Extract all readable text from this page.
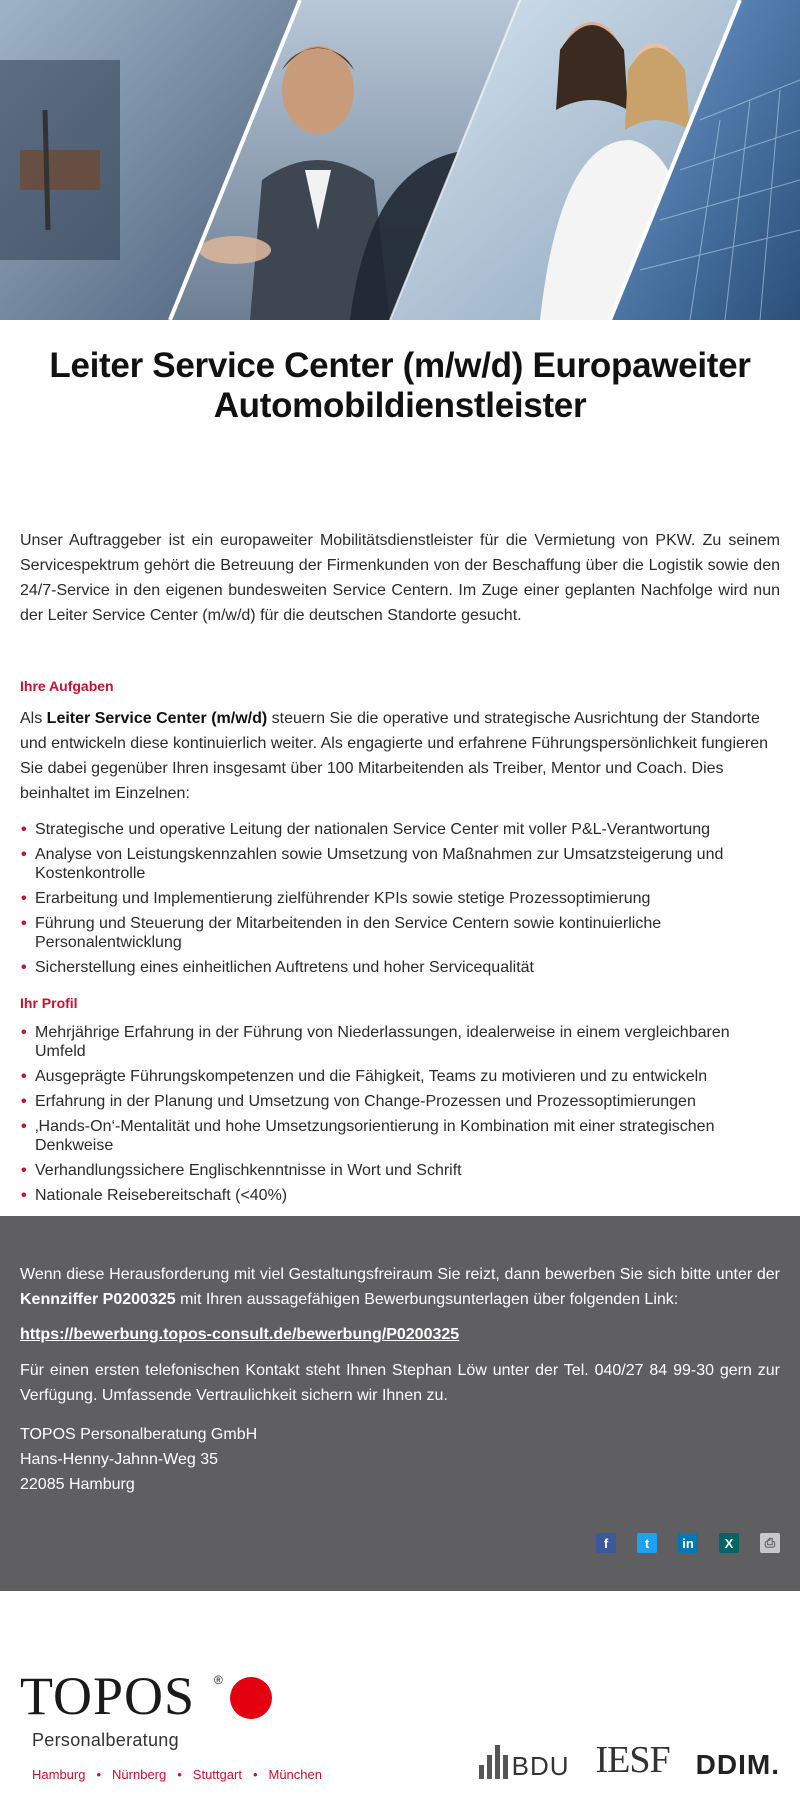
Leiter Service Center (m/w/d) Europaweiter Automobildienstleister

Unser Auftraggeber ist ein europaweiter Mobilitätsdienstleister für die Vermietung von PKW. Zu seinem Servicespektrum gehört die Betreuung der Firmenkunden von der Beschaffung über die Logistik sowie den 24/7-Service in den eigenen bundesweiten Service Centern. Im Zuge einer geplanten Nachfolge wird nun der Leiter Service Center (m/w/d) für die deutschen Standorte gesucht.

Ihre Aufgaben

Als Leiter Service Center (m/w/d) steuern Sie die operative und strategische Ausrichtung der Standorte und entwickeln diese kontinuierlich weiter. Als engagierte und erfahrene Führungspersönlichkeit fungieren Sie dabei gegenüber Ihren insgesamt über 100 Mitarbeitenden als Treiber, Mentor und Coach. Dies beinhaltet im Einzelnen:

• Strategische und operative Leitung der nationalen Service Center mit voller P&L-Verantwortung
• Analyse von Leistungskennzahlen sowie Umsetzung von Maßnahmen zur Umsatzsteigerung und Kostenkontrolle
• Erarbeitung und Implementierung zielführender KPIs sowie stetige Prozessoptimierung
• Führung und Steuerung der Mitarbeitenden in den Service Centern sowie kontinuierliche Personalentwicklung
• Sicherstellung eines einheitlichen Auftretens und hoher Servicequalität
Ihr Profil
• Mehrjährige Erfahrung in der Führung von Niederlassungen, idealerweise in einem vergleichbaren Umfeld
• Ausgeprägte Führungskompetenzen und die Fähigkeit, Teams zu motivieren und zu entwickeln
• Erfahrung in der Planung und Umsetzung von Change-Prozessen und Prozessoptimierungen
• ‚Hands-On‘-Mentalität und hohe Umsetzungsorientierung in Kombination mit einer strategischen Denkweise
• Verhandlungssichere Englischkenntnisse in Wort und Schrift
• Nationale Reisebereitschaft (<40%)

Wenn diese Herausforderung mit viel Gestaltungsfreiraum Sie reizt, dann bewerben Sie sich bitte unter der Kennziffer P0200325 mit Ihren aussagefähigen Bewerbungsunterlagen über folgenden Link:

https://bewerbung.topos-consult.de/bewerbung/P0200325

Für einen ersten telefonischen Kontakt steht Ihnen Stephan Löw unter der Tel. 040/27 84 99-30 gern zur Verfügung. Umfassende Vertraulichkeit sichern wir Ihnen zu.

TOPOS Personalberatung GmbH
Hans-Henny-Jahnn-Weg 35
22085 Hamburg
f	t	in	X	⎙
TOPOS ®
Personalberatung
Hamburg • Nürnberg • Stuttgart • München	BDU IESF DDIM.
